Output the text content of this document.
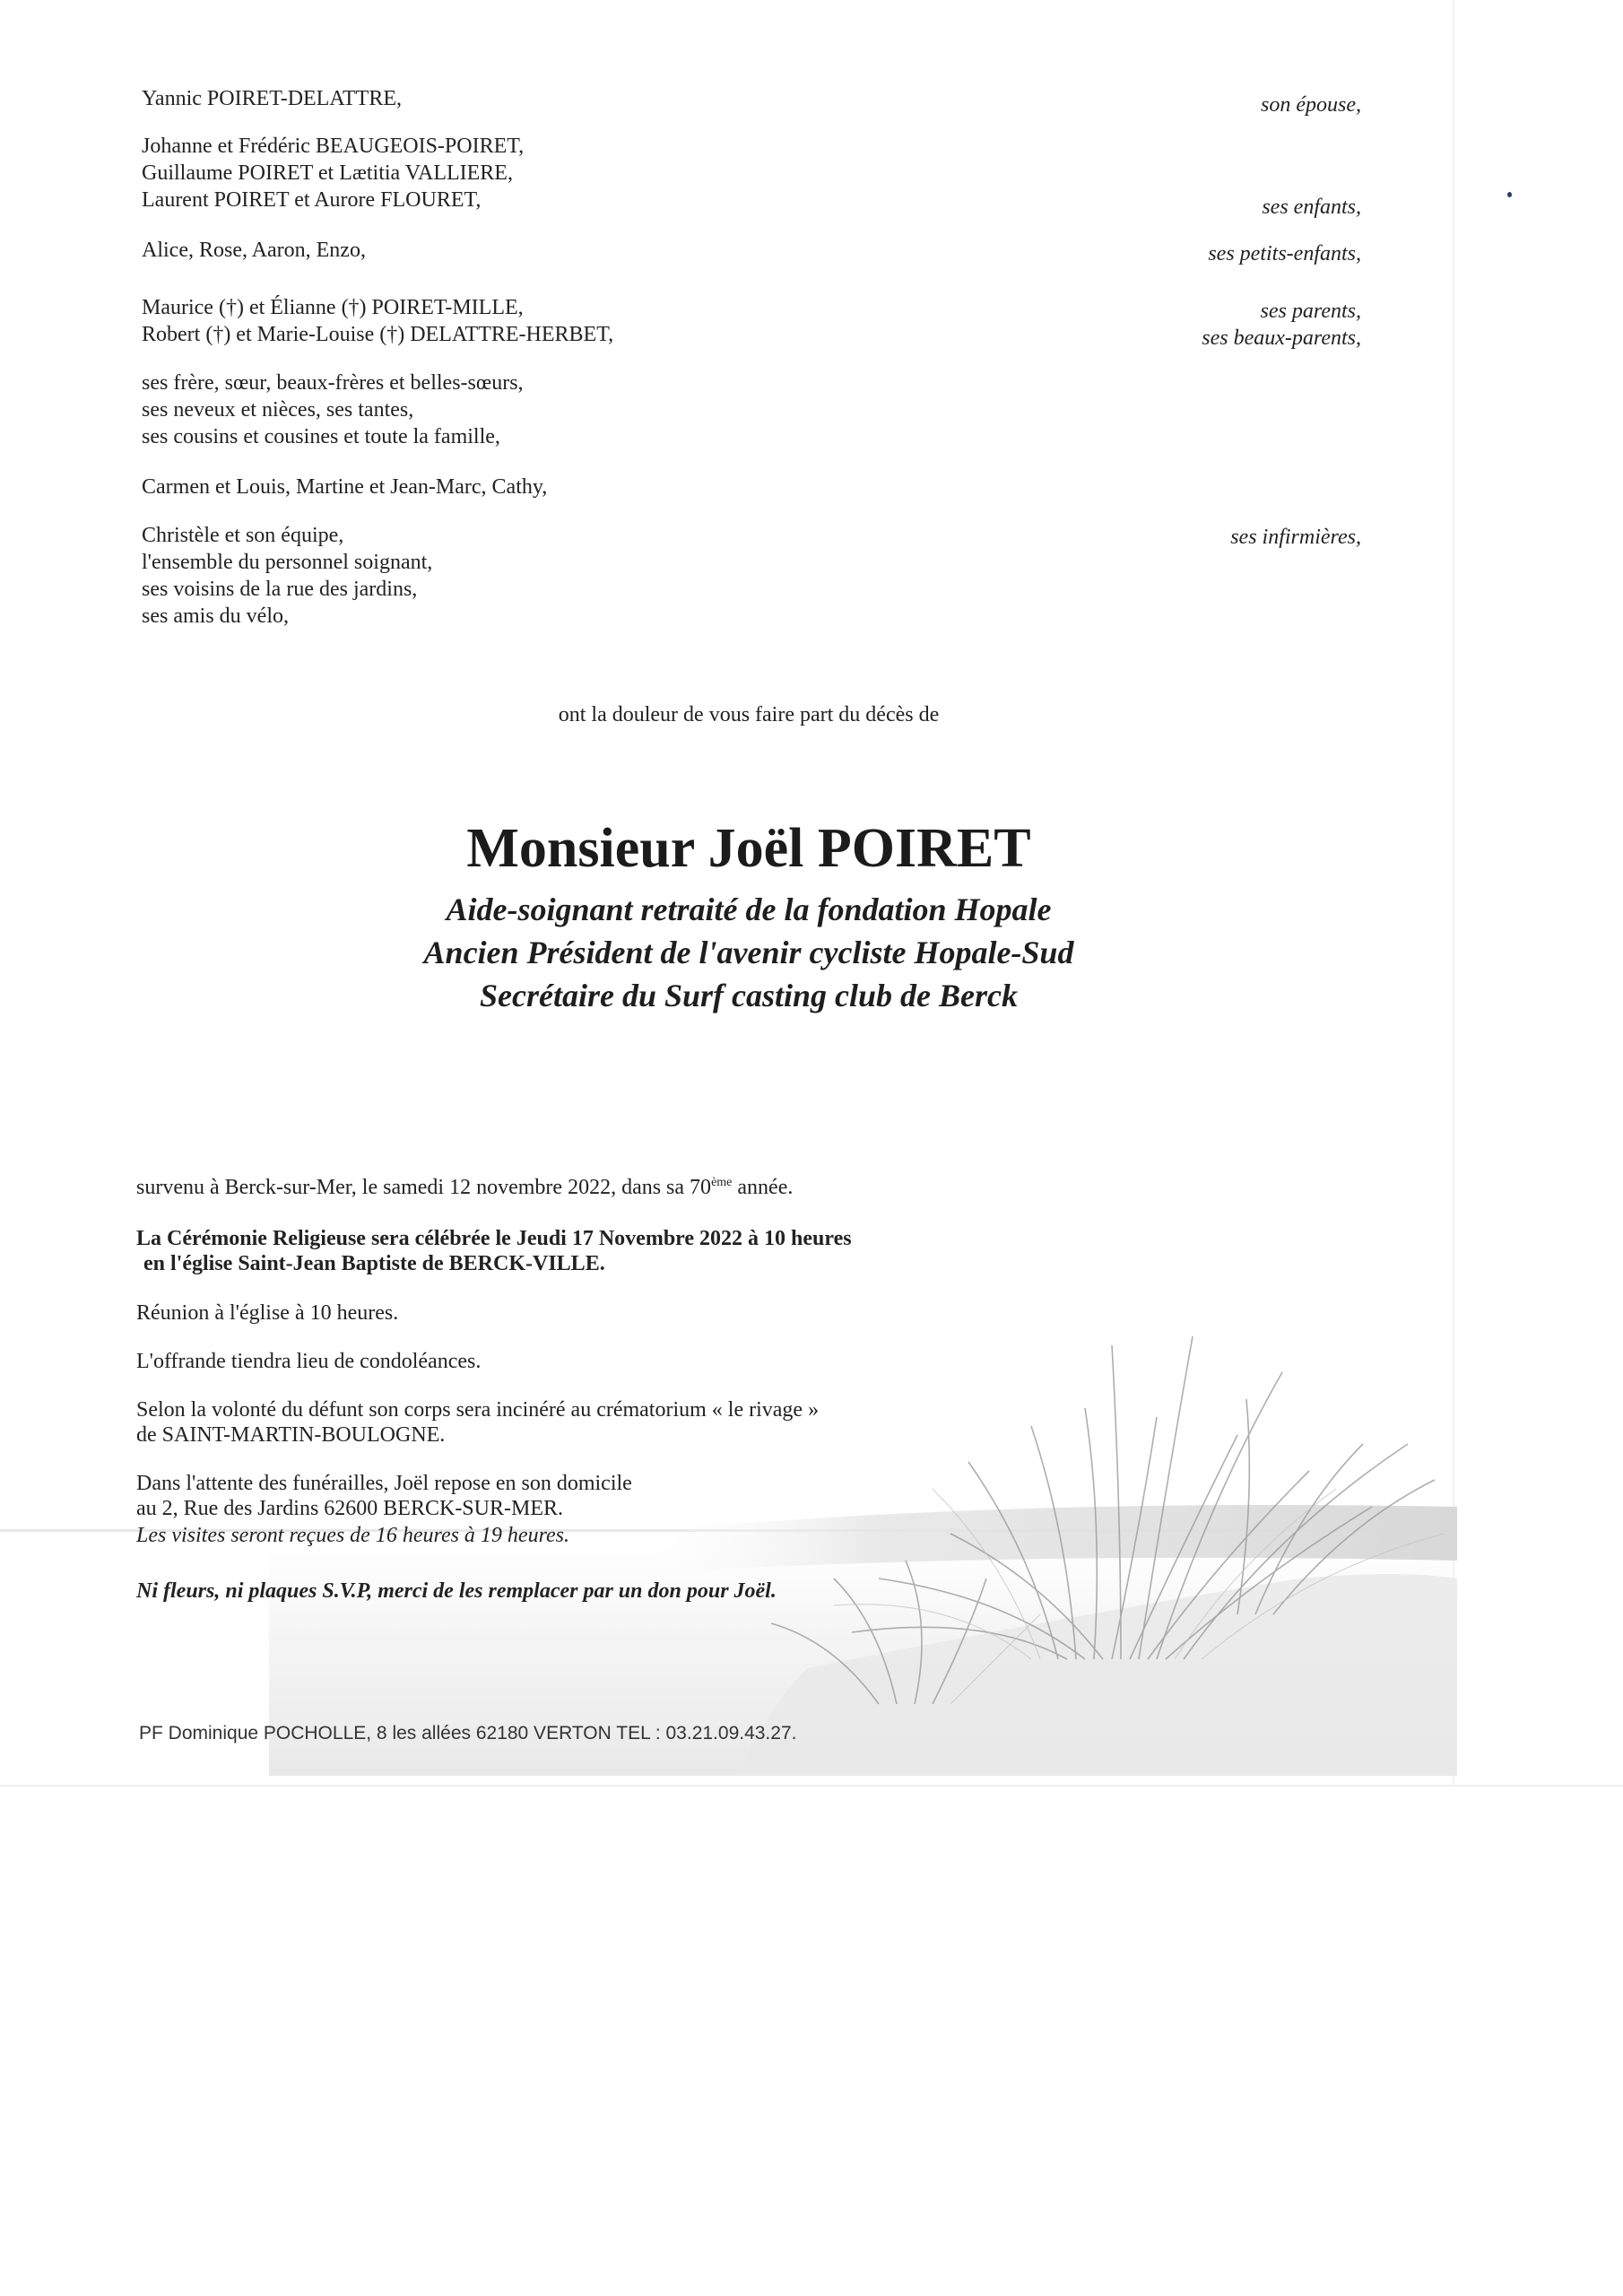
Yannic POIRET-DELATTRE,
Johanne et Frédéric BEAUGEOIS-POIRET,
Guillaume POIRET et Lætitia VALLIERE,
Laurent POIRET et Aurore FLOURET,
Alice, Rose, Aaron, Enzo,
Maurice (†) et Élianne (†) POIRET-MILLE,
Robert (†) et Marie-Louise (†) DELATTRE-HERBET,
ses frère, sœur, beaux-frères et belles-sœurs,
ses neveux et nièces, ses tantes,
ses cousins et cousines et toute la famille,
Carmen et Louis, Martine et Jean-Marc, Cathy,
Christèle et son équipe,
l'ensemble du personnel soignant,
ses voisins de la rue des jardins,
ses amis du vélo,
son épouse,
ses enfants,
ses petits-enfants,
ses parents,
ses beaux-parents,
ses infirmières,
ont la douleur de vous faire part du décès de
Monsieur Joël POIRET
Aide-soignant retraité de la fondation Hopale
Ancien Président de l'avenir cycliste Hopale-Sud
Secrétaire du Surf casting club de Berck
survenu à Berck-sur-Mer, le samedi 12 novembre 2022, dans sa 70ème année.
La Cérémonie Religieuse sera célébrée le Jeudi 17 Novembre 2022 à 10 heures
en l'église Saint-Jean Baptiste de BERCK-VILLE.
Réunion à l'église à 10 heures.
L'offrande tiendra lieu de condoléances.
Selon la volonté du défunt son corps sera incinéré au crématorium « le rivage »
de SAINT-MARTIN-BOULOGNE.
Dans l'attente des funérailles, Joël repose en son domicile
au 2, Rue des Jardins 62600 BERCK-SUR-MER.
Les visites seront reçues de 16 heures à 19 heures.
Ni fleurs, ni plaques S.V.P, merci de les remplacer par un don pour Joël.
PF Dominique POCHOLLE, 8 les allées 62180 VERTON TEL : 03.21.09.43.27.
